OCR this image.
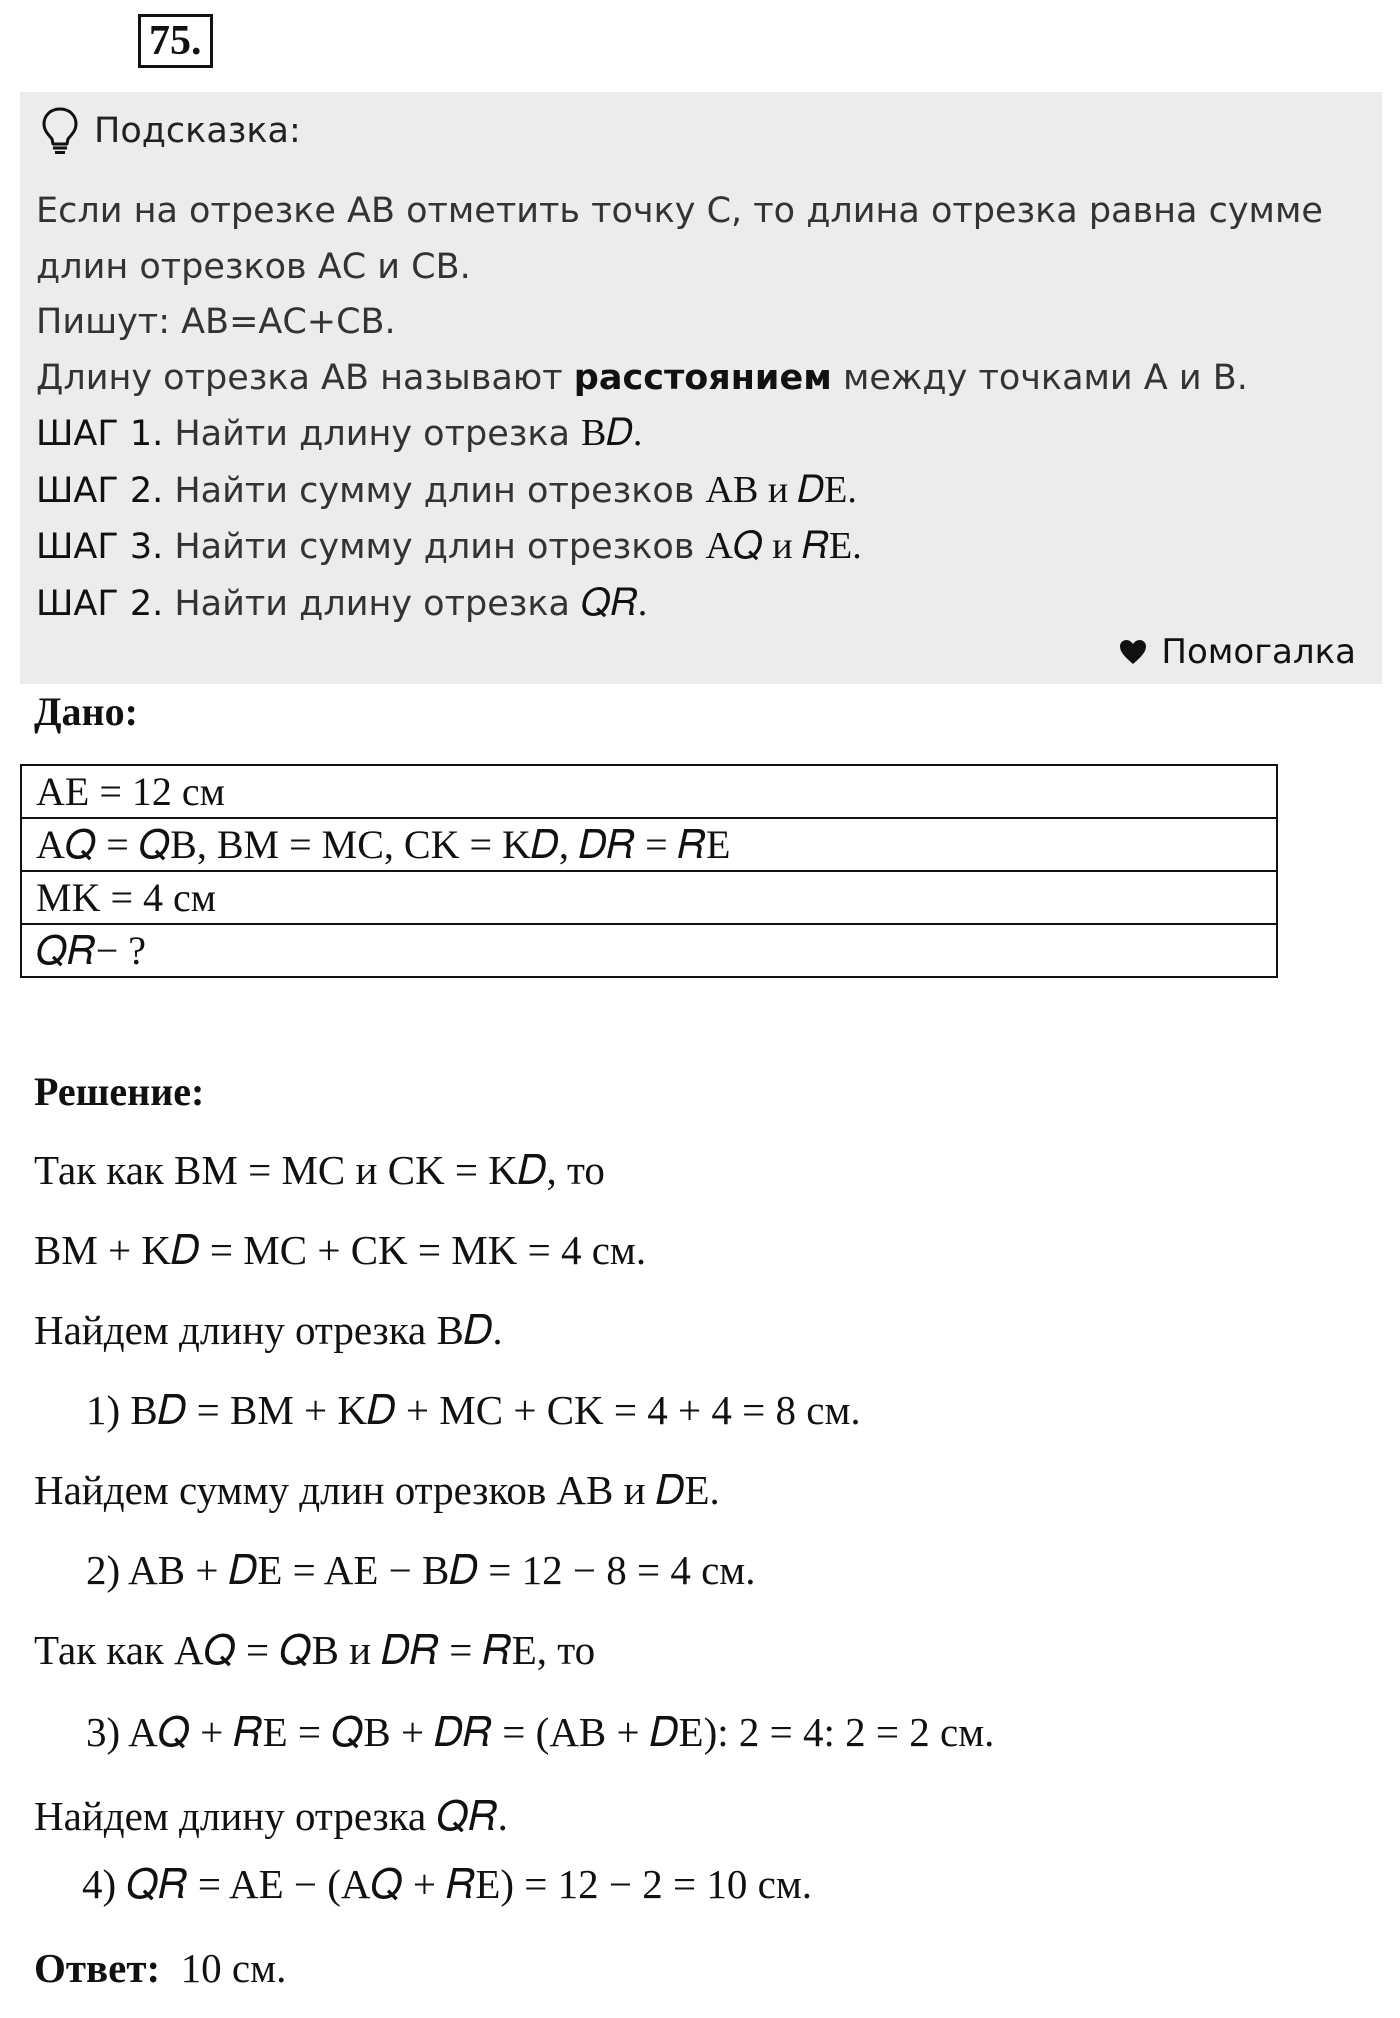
75.
Подсказка:
Если на отрезке АВ отметить точку С, то длина отрезка равна сумме
длин отрезков АС и СВ.
Пишут: АВ=АС+СВ.
Длину отрезка АВ называют расстоянием между точками А и В.
ШАГ 1. Найти длину отрезка B𝐷.
ШАГ 2. Найти сумму длин отрезков AB и 𝐷E.
ШАГ 3. Найти сумму длин отрезков A𝑄 и 𝑅E.
ШАГ 2. Найти длину отрезка 𝑄𝑅.
Помогалка
Дано:
AE = 12 см
A𝑄 = 𝑄B, BM = MC, CK = K𝐷, 𝐷𝑅 = 𝑅E
MK = 4 см
𝑄𝑅− ?
Решение:
Так как BM = MC и CK = K𝐷, то
BM + K𝐷 = MC + CK = MK = 4 см.
Найдем длину отрезка B𝐷.
1) B𝐷 = BM + K𝐷 + MC + CK = 4 + 4 = 8 см.
Найдем сумму длин отрезков AB и 𝐷E.
2) AB + 𝐷E = AE − B𝐷 = 12 − 8 = 4 см.
Так как A𝑄 = 𝑄B и 𝐷𝑅 = 𝑅E, то
3) A𝑄 + 𝑅E = 𝑄B + 𝐷𝑅 = (AB + 𝐷E): 2 = 4: 2 = 2 см.
Найдем длину отрезка 𝑄𝑅.
4) 𝑄𝑅 = AE − (A𝑄 + 𝑅E) = 12 − 2 = 10 см.
Ответ: 10 см.
